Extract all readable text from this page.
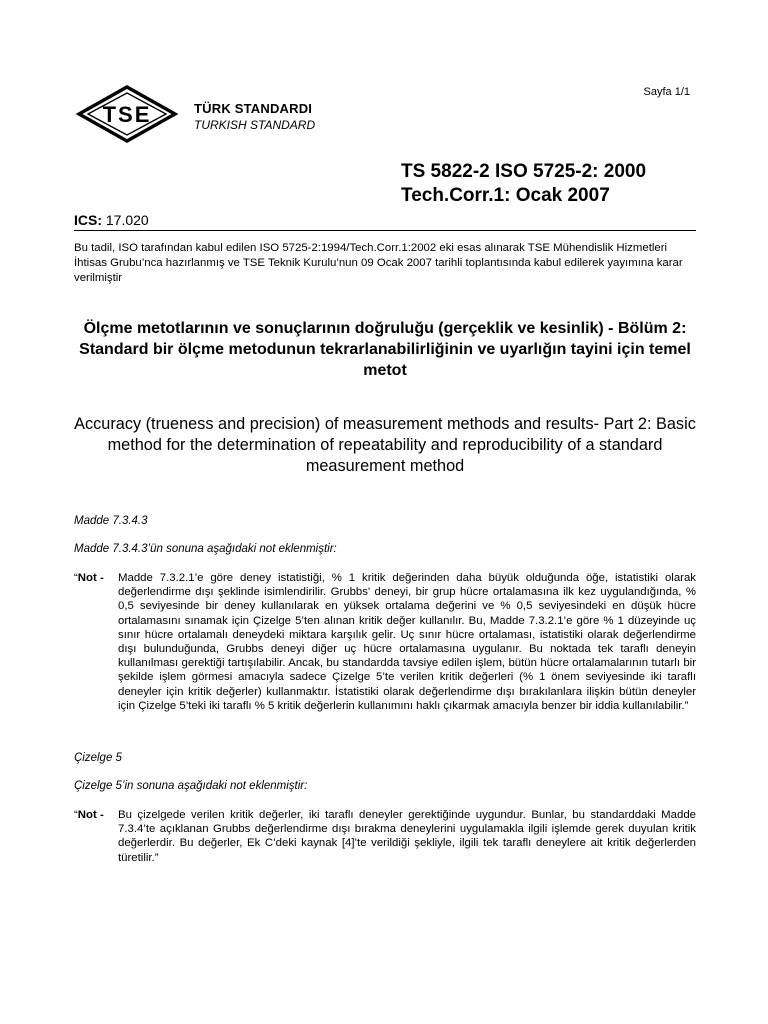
Sayfa 1/1
TSE	TÜRK STANDARDI
TURKISH STANDARD
TS 5822-2 ISO 5725-2: 2000
Tech.Corr.1: Ocak 2007
ICS: 17.020
Bu tadil, ISO tarafından kabul edilen ISO 5725-2:1994/Tech.Corr.1:2002 eki esas alınarak TSE Mühendislik Hizmetleri İhtisas Grubu’nca hazırlanmış ve TSE Teknik Kurulu’nun 09 Ocak 2007 tarihli toplantısında kabul edilerek yayımına karar verilmiştir
Ölçme metotlarının ve sonuçlarının doğruluğu (gerçeklik ve kesinlik) - Bölüm 2: Standard bir ölçme metodunun tekrarlanabilirliğinin ve uyarlığın tayini için temel metot
Accuracy (trueness and precision) of measurement methods and results- Part 2: Basic method for the determination of repeatability and reproducibility of a standard measurement method
Madde 7.3.4.3
Madde 7.3.4.3’ün sonuna aşağıdaki not eklenmiştir:
“Not -	Madde 7.3.2.1’e göre deney istatistiği, % 1 kritik değerinden daha büyük olduğunda öğe, istatistiki olarak değerlendirme dışı şeklinde isimlendirilir. Grubbs' deneyi, bir grup hücre ortalamasına ilk kez uygulandığında, % 0,5 seviyesinde bir deney kullanılarak en yüksek ortalama değerini ve % 0,5 seviyesindeki en düşük hücre ortalamasını sınamak için Çizelge 5’ten alınan kritik değer kullanılır. Bu, Madde 7.3.2.1’e göre % 1 düzeyinde uç sınır hücre ortalamalı deneydeki miktara karşılık gelir. Uç sınır hücre ortalaması, istatistiki olarak değerlendirme dışı bulunduğunda, Grubbs deneyi diğer uç hücre ortalamasına uygulanır. Bu noktada tek taraflı deneyin kullanılması gerektiği tartışılabilir. Ancak, bu standardda tavsiye edilen işlem, bütün hücre ortalamalarının tutarlı bir şekilde işlem görmesi amacıyla sadece Çizelge 5’te verilen kritik değerleri (% 1 önem seviyesinde iki taraflı deneyler için kritik değerler) kullanmaktır. İstatistiki olarak değerlendirme dışı bırakılanlara ilişkin bütün deneyler için Çizelge 5’teki iki taraflı % 5 kritik değerlerin kullanımını haklı çıkarmak amacıyla benzer bir iddia kullanılabilir.”
Çizelge 5
Çizelge 5’in sonuna aşağıdaki not eklenmiştir:
“Not -	Bu çizelgede verilen kritik değerler, iki taraflı deneyler gerektiğinde uygundur. Bunlar, bu standarddaki Madde 7.3.4’te açıklanan Grubbs değerlendirme dışı bırakma deneylerini uygulamakla ilgili işlemde gerek duyulan kritik değerlerdir. Bu değerler, Ek C’deki kaynak [4]’te verildiği şekliyle, ilgili tek taraflı deneylere ait kritik değerlerden türetilir.”
